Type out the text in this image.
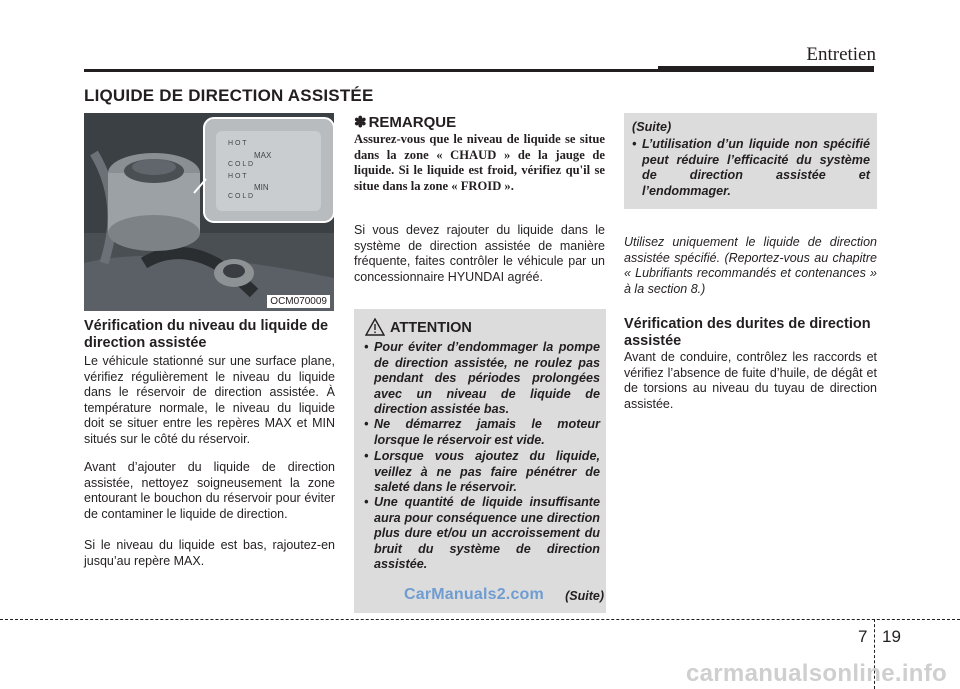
Entretien
LIQUIDE DE DIRECTION ASSISTÉE
H O T
MAX
C O L D
H O T
MIN
C O L D
OCM070009
Vérification du niveau du liquide de direction assistée
Le véhicule stationné sur une surface plane, vérifiez régulièrement le niveau du liquide dans le réservoir de direction assistée. À température normale, le niveau du liquide doit se situer entre les repères MAX et MIN situés sur le côté du réservoir.
Avant d’ajouter du liquide de direction assistée, nettoyez soigneusement la zone entourant le bouchon du réservoir pour éviter de contaminer le liquide de direction.
Si le niveau du liquide est bas, rajoutez-en jusqu’au repère MAX.
✽ REMARQUE
Assurez-vous que le niveau de liquide se situe dans la zone « CHAUD » de la jauge de liquide. Si le liquide est froid, vérifiez qu'il se situe dans la zone « FROID ».
Si vous devez rajouter du liquide dans le système de direction assistée de manière fréquente, faites contrôler le véhicule par un concessionnaire HYUNDAI agréé.
ATTENTION
• Pour éviter d’endommager la pompe de direction assistée, ne roulez pas pendant des périodes prolongées avec un niveau de liquide de direction assistée bas.
• Ne démarrez jamais le moteur lorsque le réservoir est vide.
• Lorsque vous ajoutez du liquide, veillez à ne pas faire pénétrer de saleté dans le réservoir.
• Une quantité de liquide insuffisante aura pour conséquence une direction plus dure et/ou un accroissement du bruit du système de direction assistée.
CarManuals2.com (Suite)
(Suite)
• L’utilisation d’un liquide non spécifié peut réduire l’efficacité du système de direction assistée et l’endommager.
Utilisez uniquement le liquide de direction assistée spécifié. (Reportez-vous au chapitre « Lubrifiants recommandés et contenances » à la section 8.)
Vérification des durites de direction assistée
Avant de conduire, contrôlez les raccords et vérifiez l’absence de fuite d’huile, de dégât et de torsions au niveau du tuyau de direction assistée.
7 19
carmanualsonline.info
